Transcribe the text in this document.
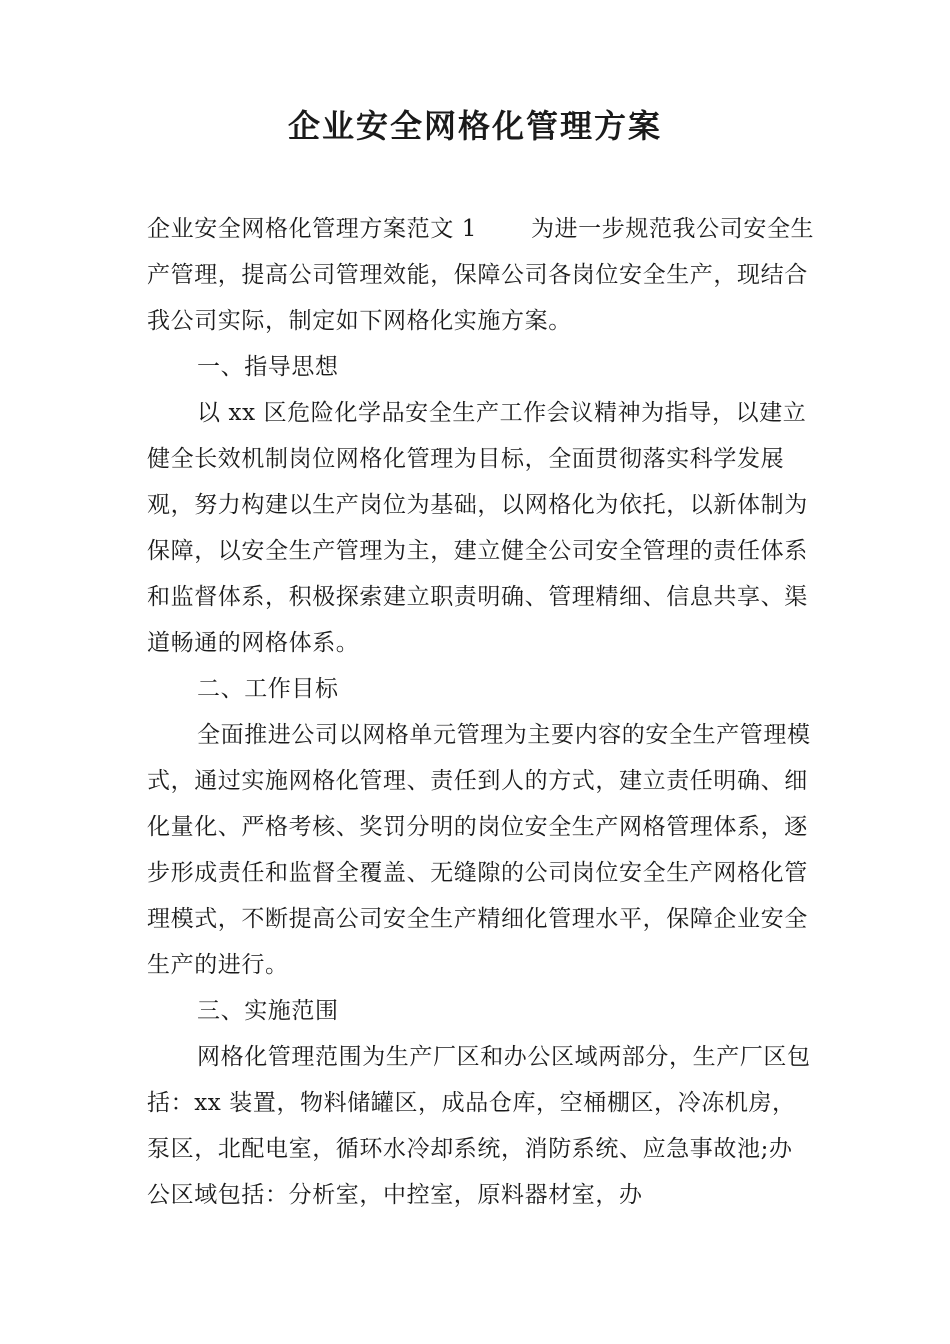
企业安全网格化管理方案

企业安全网格化管理方案范文 1 为进一步规范我公司安全生产管理，提高公司管理效能，保障公司各岗位安全生产，现结合我公司实际，制定如下网格化实施方案。

一、指导思想

以 xx 区危险化学品安全生产工作会议精神为指导，以建立健全长效机制岗位网格化管理为目标，全面贯彻落实科学发展观，努力构建以生产岗位为基础，以网格化为依托，以新体制为保障，以安全生产管理为主，建立健全公司安全管理的责任体系和监督体系，积极探索建立职责明确、管理精细、信息共享、渠道畅通的网格体系。

二、工作目标

全面推进公司以网格单元管理为主要内容的安全生产管理模式，通过实施网格化管理、责任到人的方式，建立责任明确、细化量化、严格考核、奖罚分明的岗位安全生产网格管理体系，逐步形成责任和监督全覆盖、无缝隙的公司岗位安全生产网格化管理模式，不断提高公司安全生产精细化管理水平，保障企业安全生产的进行。

三、实施范围

网格化管理范围为生产厂区和办公区域两部分，生产厂区包括：xx 装置，物料储罐区，成品仓库，空桶棚区，冷冻机房，泵区，北配电室，循环水冷却系统，消防系统、应急事故池;办公区域包括：分析室，中控室，原料器材室，办
